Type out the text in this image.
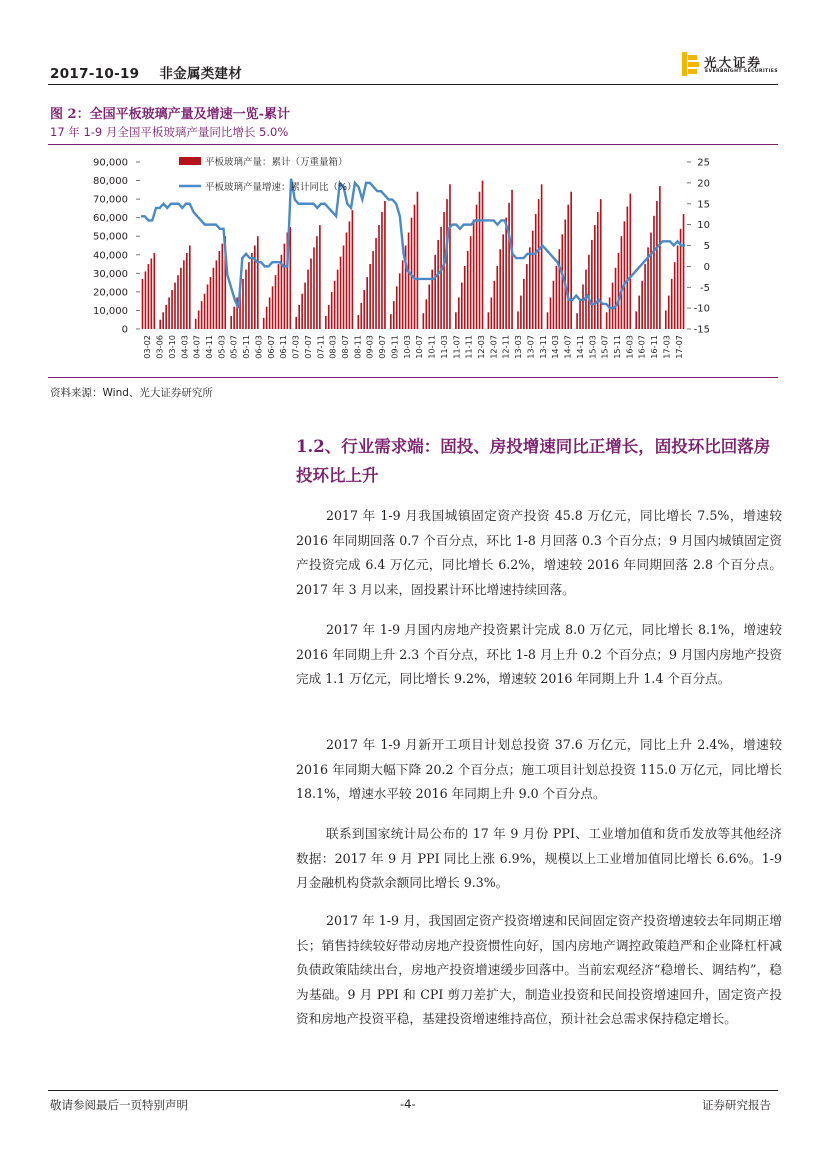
2017-10-19 非金属类建材
光大证券
EVERBRIGHT SECURITIES
图 2：全国平板玻璃产量及增速一览-累计
17 年 1-9 月全国平板玻璃产量同比增长 5.0%
90,000
80,000
70,000
60,000
50,000
40,000
30,000
20,000
10,000
0
25
20
15
10
5
0
-5
-10
-15
03-02 03-06 03-10 04-03 04-07 04-11 05-03 05-07 05-11 06-03 06-07 06-11 07-03 07-07 07-11 08-03 08-07 08-11 09-03 09-07 09-11 10-03 10-07 10-11 11-03 11-07 11-11 12-03 12-07 12-11 13-03 13-07 13-11 14-03 14-07 14-11 15-03 15-07 15-11 16-03 16-07 16-11 17-03 17-07
平板玻璃产量：累计（万重量箱）
平板玻璃产量增速：累计同比（%）
资料来源：Wind、光大证券研究所
1.2、行业需求端：固投、房投增速同比正增长，固投环比回落房投环比上升

2017 年 1-9 月我国城镇固定资产投资 45.8 万亿元，同比增长 7.5%，增速较 2016 年同期回落 0.7 个百分点，环比 1-8 月回落 0.3 个百分点；9 月国内城镇固定资产投资完成 6.4 万亿元，同比增长 6.2%，增速较 2016 年同期回落 2.8 个百分点。2017 年 3 月以来，固投累计环比增速持续回落。

2017 年 1-9 月国内房地产投资累计完成 8.0 万亿元，同比增长 8.1%，增速较 2016 年同期上升 2.3 个百分点，环比 1-8 月上升 0.2 个百分点；9 月国内房地产投资完成 1.1 万亿元，同比增长 9.2%，增速较 2016 年同期上升 1.4 个百分点。

2017 年 1-9 月新开工项目计划总投资 37.6 万亿元，同比上升 2.4%，增速较 2016 年同期大幅下降 20.2 个百分点；施工项目计划总投资 115.0 万亿元，同比增长 18.1%，增速水平较 2016 年同期上升 9.0 个百分点。

联系到国家统计局公布的 17 年 9 月份 PPI、工业增加值和货币发放等其他经济数据：2017 年 9 月 PPI 同比上涨 6.9%，规模以上工业增加值同比增长 6.6%。1-9 月金融机构贷款余额同比增长 9.3%。

2017 年 1-9 月，我国固定资产投资增速和民间固定资产投资增速较去年同期正增长；销售持续较好带动房地产投资惯性向好，国内房地产调控政策趋严和企业降杠杆减负债政策陆续出台，房地产投资增速缓步回落中。当前宏观经济“稳增长、调结构”，稳为基础。9 月 PPI 和 CPI 剪刀差扩大，制造业投资和民间投资增速回升，固定资产投资和房地产投资平稳，基建投资增速维持高位，预计社会总需求保持稳定增长。

敬请参阅最后一页特别声明	-4-	证券研究报告
